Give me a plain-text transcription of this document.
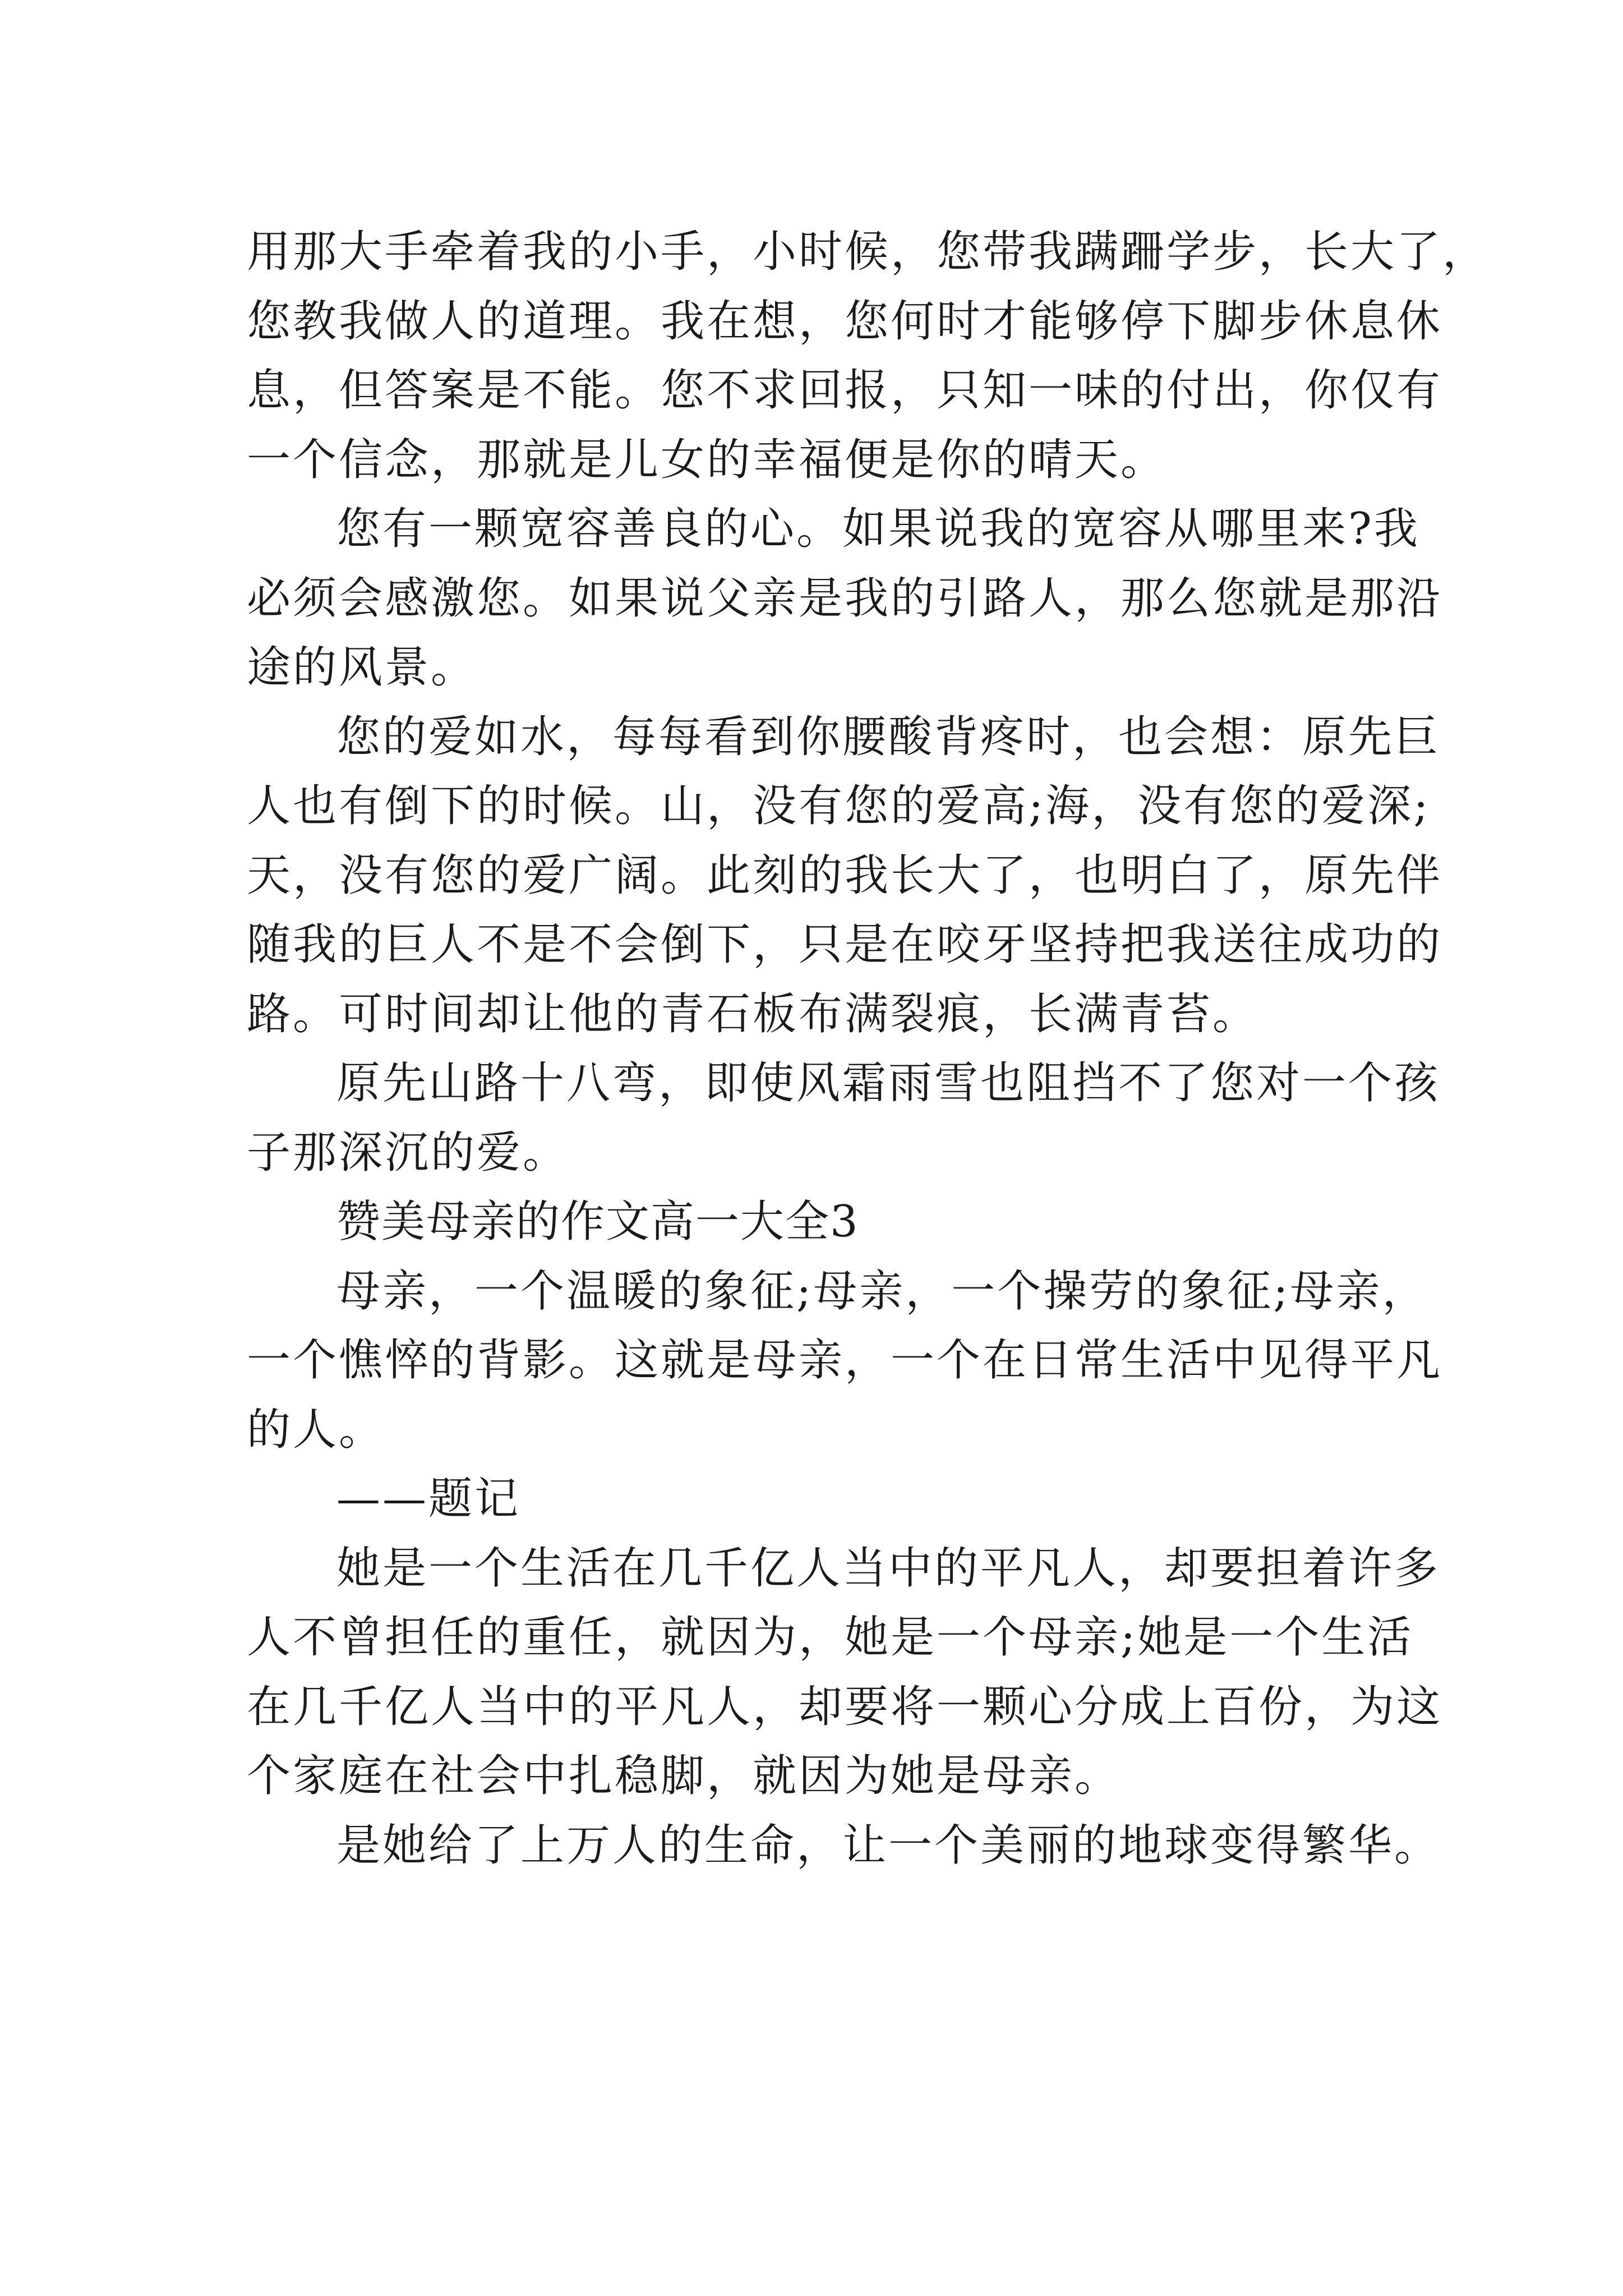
用那大手牵着我的小手，小时候，您带我蹒跚学步，长大了，
您教我做人的道理。我在想，您何时才能够停下脚步休息休
息，但答案是不能。您不求回报，只知一味的付出，你仅有
一个信念，那就是儿女的幸福便是你的晴天。
您有一颗宽容善良的心。如果说我的宽容从哪里来?我
必须会感激您。如果说父亲是我的引路人，那么您就是那沿
途的风景。
您的爱如水，每每看到你腰酸背疼时，也会想：原先巨
人也有倒下的时候。山，没有您的爱高;海，没有您的爱深;
天，没有您的爱广阔。此刻的我长大了，也明白了，原先伴
随我的巨人不是不会倒下，只是在咬牙坚持把我送往成功的
路。可时间却让他的青石板布满裂痕，长满青苔。
原先山路十八弯，即使风霜雨雪也阻挡不了您对一个孩
子那深沉的爱。
赞美母亲的作文高一大全3
母亲，一个温暖的象征;母亲，一个操劳的象征;母亲，
一个憔悴的背影。这就是母亲，一个在日常生活中见得平凡
的人。
——题记
她是一个生活在几千亿人当中的平凡人，却要担着许多
人不曾担任的重任，就因为，她是一个母亲;她是一个生活
在几千亿人当中的平凡人，却要将一颗心分成上百份，为这
个家庭在社会中扎稳脚，就因为她是母亲。
是她给了上万人的生命，让一个美丽的地球变得繁华。
